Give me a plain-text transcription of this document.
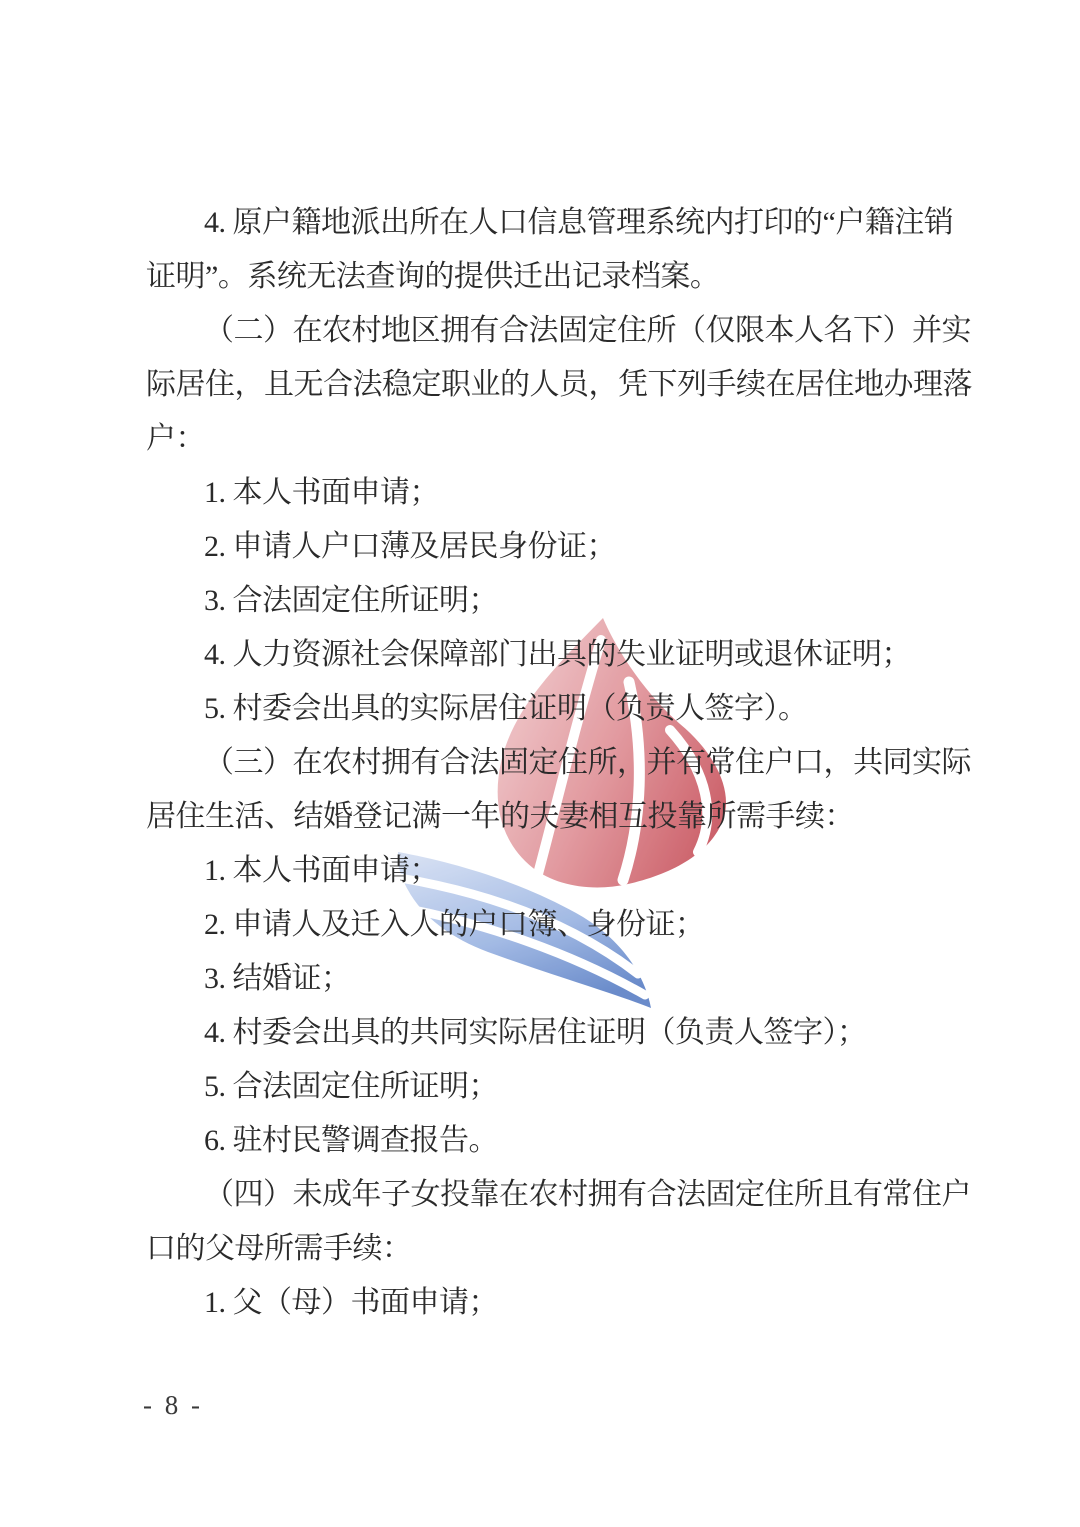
4. 原户籍地派出所在人口信息管理系统内打印的“户籍注销
证明”。系统无法查询的提供迁出记录档案。
（二）在农村地区拥有合法固定住所（仅限本人名下）并实
际居住，且无合法稳定职业的人员，凭下列手续在居住地办理落
户：
1. 本人书面申请；
2. 申请人户口薄及居民身份证；
3. 合法固定住所证明；
4. 人力资源社会保障部门出具的失业证明或退休证明；
5. 村委会出具的实际居住证明（负责人签字）。
（三）在农村拥有合法固定住所，并有常住户口，共同实际
居住生活、结婚登记满一年的夫妻相互投靠所需手续：
1. 本人书面申请；
2. 申请人及迁入人的户口簿、身份证；
3. 结婚证；
4. 村委会出具的共同实际居住证明（负责人签字）；
5. 合法固定住所证明；
6. 驻村民警调查报告。
（四）未成年子女投靠在农村拥有合法固定住所且有常住户
口的父母所需手续：
1. 父（母）书面申请；
- 8 -
